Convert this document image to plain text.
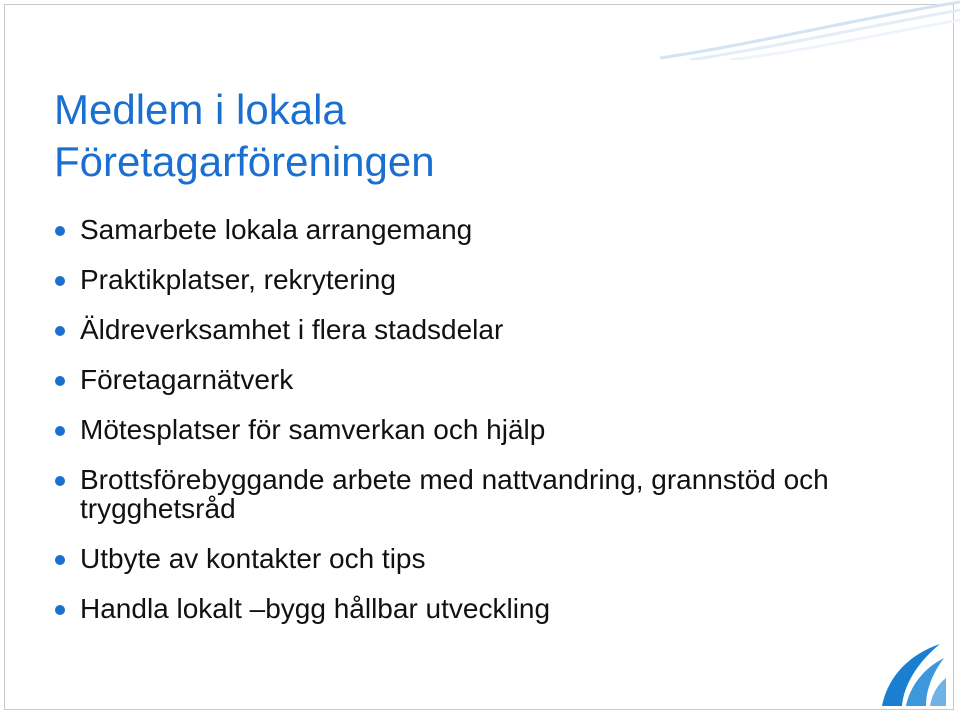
Medlem i lokala
Företagarföreningen
Samarbete lokala arrangemang
Praktikplatser, rekrytering
Äldreverksamhet i flera stadsdelar
Företagarnätverk
Mötesplatser för samverkan och hjälp
Brottsförebyggande arbete med nattvandring, grannstöd och trygghetsråd
Utbyte av kontakter och tips
Handla lokalt –bygg hållbar utveckling
